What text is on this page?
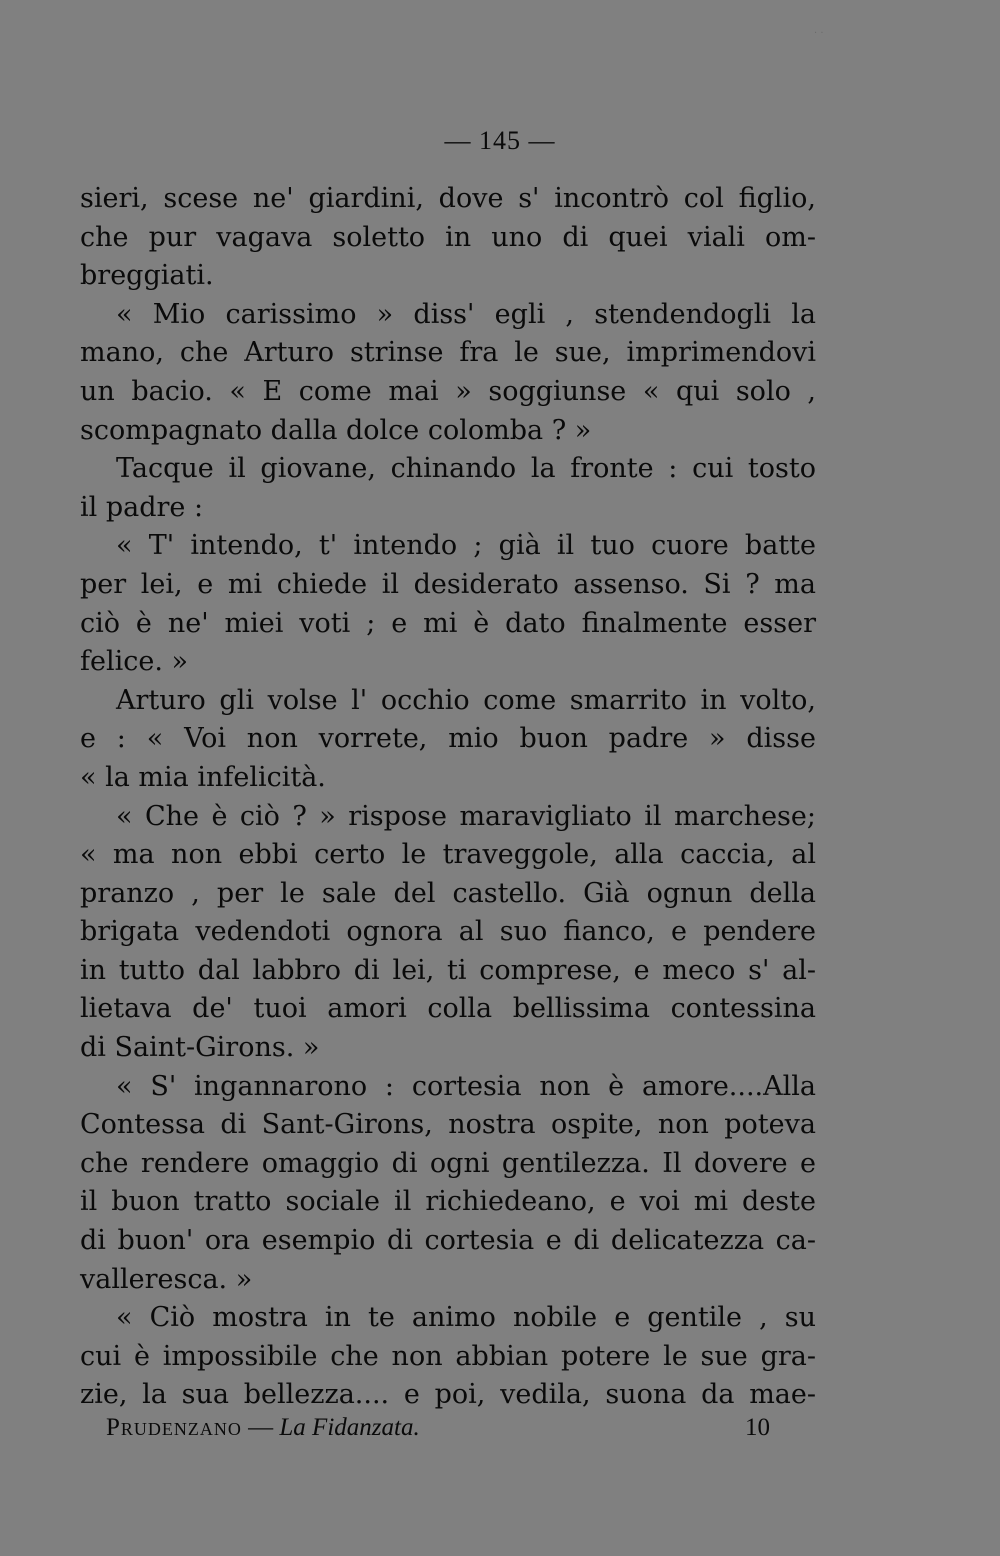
· ·
— 145 —
sieri, scese ne' giardini, dove s' incontrò col figlio,
che pur vagava soletto in uno di quei viali om-
breggiati.
« Mio carissimo » diss' egli , stendendogli la
mano, che Arturo strinse fra le sue, imprimendovi
un bacio. « E come mai » soggiunse « qui solo ,
scompagnato dalla dolce colomba ? »
Tacque il giovane, chinando la fronte : cui tosto
il padre :
« T' intendo, t' intendo ; già il tuo cuore batte
per lei, e mi chiede il desiderato assenso. Si ? ma
ciò è ne' miei voti ; e mi è dato finalmente esser
felice. »
Arturo gli volse l' occhio come smarrito in volto,
e : « Voi non vorrete, mio buon padre » disse
« la mia infelicità.
« Che è ciò ? » rispose maravigliato il marchese;
« ma non ebbi certo le traveggole, alla caccia, al
pranzo , per le sale del castello. Già ognun della
brigata vedendoti ognora al suo fianco, e pendere
in tutto dal labbro di lei, ti comprese, e meco s' al-
lietava de' tuoi amori colla bellissima contessina
di Saint-Girons. »
« S' ingannarono : cortesia non è amore....Alla
Contessa di Sant-Girons, nostra ospite, non poteva
che rendere omaggio di ogni gentilezza. Il dovere e
il buon tratto sociale il richiedeano, e voi mi deste
di buon' ora esempio di cortesia e di delicatezza ca-
valleresca. »
« Ciò mostra in te animo nobile e gentile , su
cui è impossibile che non abbian potere le sue gra-
zie, la sua bellezza.... e poi, vedila, suona da mae-
Prudenzano — La Fidanzata.	10
